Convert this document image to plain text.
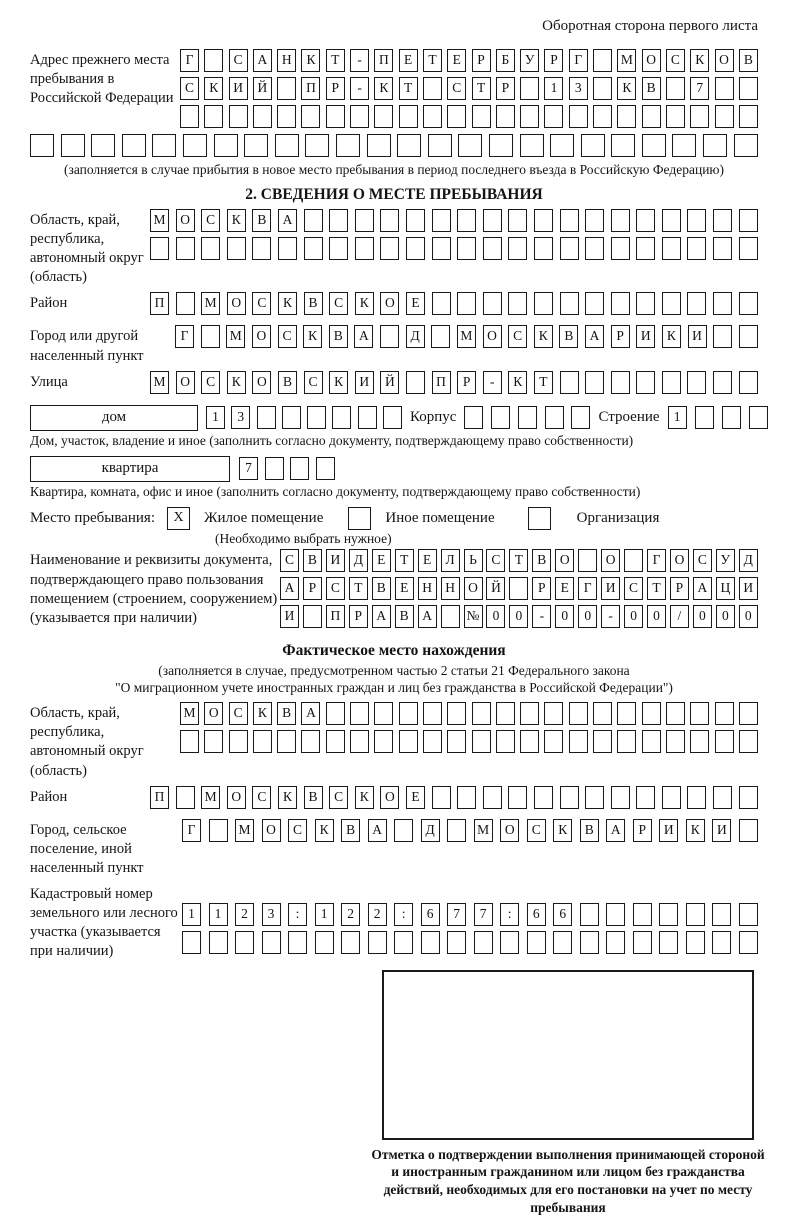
Оборотная сторона первого листа
Адрес прежнего места пребывания в Российской Федерации
Г	С	А	Н	К	Т	-	П	Е	Т	Е	Р	Б	У	Р	Г	М О	С	К	О	В
С	К	И	Й	П	Р	-	К	Т	С	Т	Р	1	3	К	В	7
(заполняется в случае прибытия в новое место пребывания в период последнего въезда в Российскую Федерацию)
2. СВЕДЕНИЯ О МЕСТЕ ПРЕБЫВАНИЯ
Область, край, республика, автономный округ (область)
М	О	С	К	В	А
Район	П	М	О	С	К	В	С	К	О	Е
Город или другой населенный пункт
Г	М	О	С	К	В	А	Д	М	О	С	К	В	А	Р	И	К	И
Улица	М	О	С	К	О	В	С	К	И	Й	П	Р	-	К	Т
дом	1	3	Корпус	Строение	1
Дом, участок, владение и иное (заполнить согласно документу, подтверждающему право собственности)
квартира	7
Квартира, комната, офис и иное (заполнить согласно документу, подтверждающему право собственности)
Место пребывания:	X	Жилое помещение	Иное помещение	Организация
(Необходимо выбрать нужное)
Наименование и реквизиты документа, подтверждающего право пользования помещением (строением, сооружением) (указывается при наличии)
С	В	И Д	Е	Т	Е	Л	Ь	С	Т	В	О	О	Г	О	С	У	Д
А	Р	С	Т	В	Е	Н Н О Й	Р	Е	Г	И	С	Т	Р	А Ц И
И	П	Р	А	В	А	№ 0	0	-	0	0	-	0	0	/	0	0	0
Фактическое место нахождения
(заполняется в случае, предусмотренном частью 2 статьи 21 Федерального закона
"О миграционном учете иностранных граждан и лиц без гражданства в Российской Федерации")
Область, край, республика, автономный округ (область)
М О	С	К	В	А
Район	П	М	О	С	К	В	С	К	О	Е
Город, сельское поселение, иной населенный пункт
Г	М	О	С	К	В	А	Д	М	О	С	К	В	А	Р	И	К	И
Кадастровый номер земельного или лесного участка (указывается при наличии)
1	1	2	3	:	1	2	2	:	6	7	7	:	6	6
Отметка о подтверждении выполнения принимающей стороной и иностранным гражданином или лицом без гражданства действий, необходимых для его постановки на учет по месту пребывания
